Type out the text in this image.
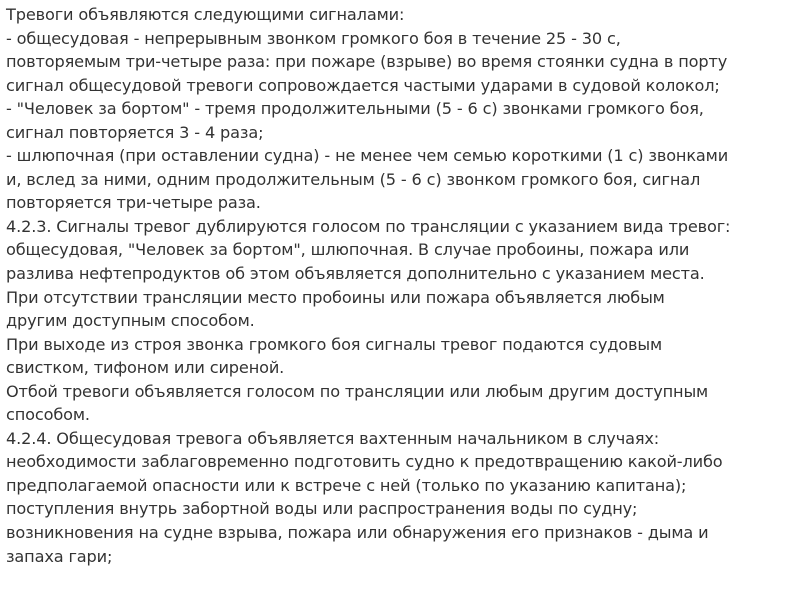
Тревоги объявляются следующими сигналами:
- общесудовая - непрерывным звонком громкого боя в течение 25 - 30 с,
повторяемым три-четыре раза: при пожаре (взрыве) во время стоянки судна в порту
сигнал общесудовой тревоги сопровождается частыми ударами в судовой колокол;
- "Человек за бортом" - тремя продолжительными (5 - 6 с) звонками громкого боя,
сигнал повторяется 3 - 4 раза;
- шлюпочная (при оставлении судна) - не менее чем семью короткими (1 с) звонками
и, вслед за ними, одним продолжительным (5 - 6 с) звонком громкого боя, сигнал
повторяется три-четыре раза.
4.2.3. Сигналы тревог дублируются голосом по трансляции с указанием вида тревог:
общесудовая, "Человек за бортом", шлюпочная. В случае пробоины, пожара или
разлива нефтепродуктов об этом объявляется дополнительно с указанием места.
При отсутствии трансляции место пробоины или пожара объявляется любым
другим доступным способом.
При выходе из строя звонка громкого боя сигналы тревог подаются судовым
свистком, тифоном или сиреной.
Отбой тревоги объявляется голосом по трансляции или любым другим доступным
способом.
4.2.4. Общесудовая тревога объявляется вахтенным начальником в случаях:
необходимости заблаговременно подготовить судно к предотвращению какой-либо
предполагаемой опасности или к встрече с ней (только по указанию капитана);
поступления внутрь забортной воды или распространения воды по судну;
возникновения на судне взрыва, пожара или обнаружения его признаков - дыма и
запаха гари;
